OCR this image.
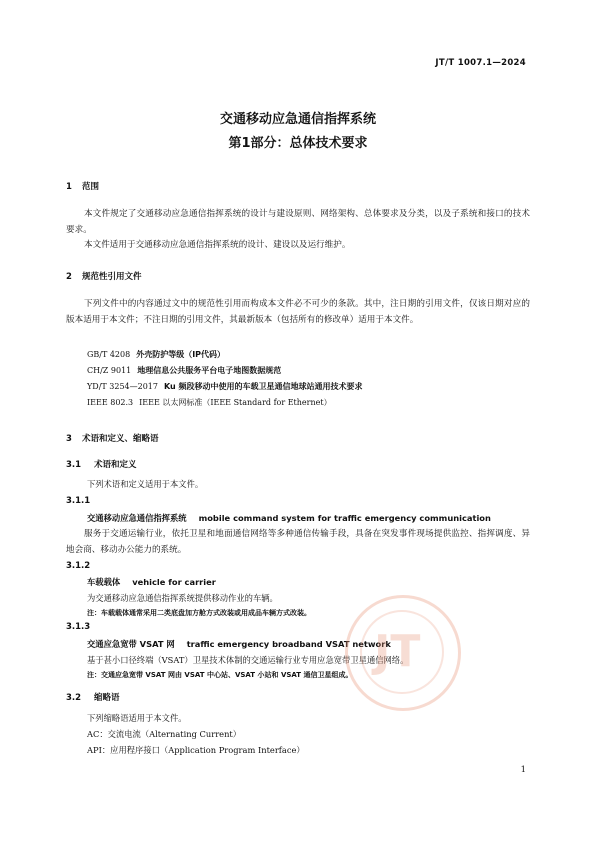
JT/T 1007.1—2024
交通移动应急通信指挥系统
第1部分：总体技术要求
1 范围
本文件规定了交通移动应急通信指挥系统的设计与建设原则、网络架构、总体要求及分类，以及子系统和接口的技术要求。
本文件适用于交通移动应急通信指挥系统的设计、建设以及运行维护。
2 规范性引用文件
下列文件中的内容通过文中的规范性引用而构成本文件必不可少的条款。其中，注日期的引用文件，仅该日期对应的版本适用于本文件；不注日期的引用文件，其最新版本（包括所有的修改单）适用于本文件。
GB/T 4208 外壳防护等级（IP代码）
CH/Z 9011 地理信息公共服务平台电子地图数据规范
YD/T 3254—2017 Ku 频段移动中使用的车载卫星通信地球站通用技术要求
IEEE 802.3 IEEE 以太网标准（IEEE Standard for Ethernet）
3 术语和定义、缩略语
3.1 术语和定义
下列术语和定义适用于本文件。
3.1.1
交通移动应急通信指挥系统 mobile command system for traffic emergency communication
服务于交通运输行业，依托卫星和地面通信网络等多种通信传输手段，具备在突发事件现场提供监控、指挥调度、异地会商、移动办公能力的系统。
3.1.2
车载载体 vehicle for carrier
为交通移动应急通信指挥系统提供移动作业的车辆。
注：车载载体通常采用二类底盘加方舱方式改装或用成品车辆方式改装。
3.1.3
交通应急宽带 VSAT 网 traffic emergency broadband VSAT network
基于甚小口径终端（VSAT）卫星技术体制的交通运输行业专用应急宽带卫星通信网络。
注：交通应急宽带 VSAT 网由 VSAT 中心站、VSAT 小站和 VSAT 通信卫星组成。
3.2 缩略语
下列缩略语适用于本文件。
AC：交流电流（Alternating Current）
API：应用程序接口（Application Program Interface）
JT
1
